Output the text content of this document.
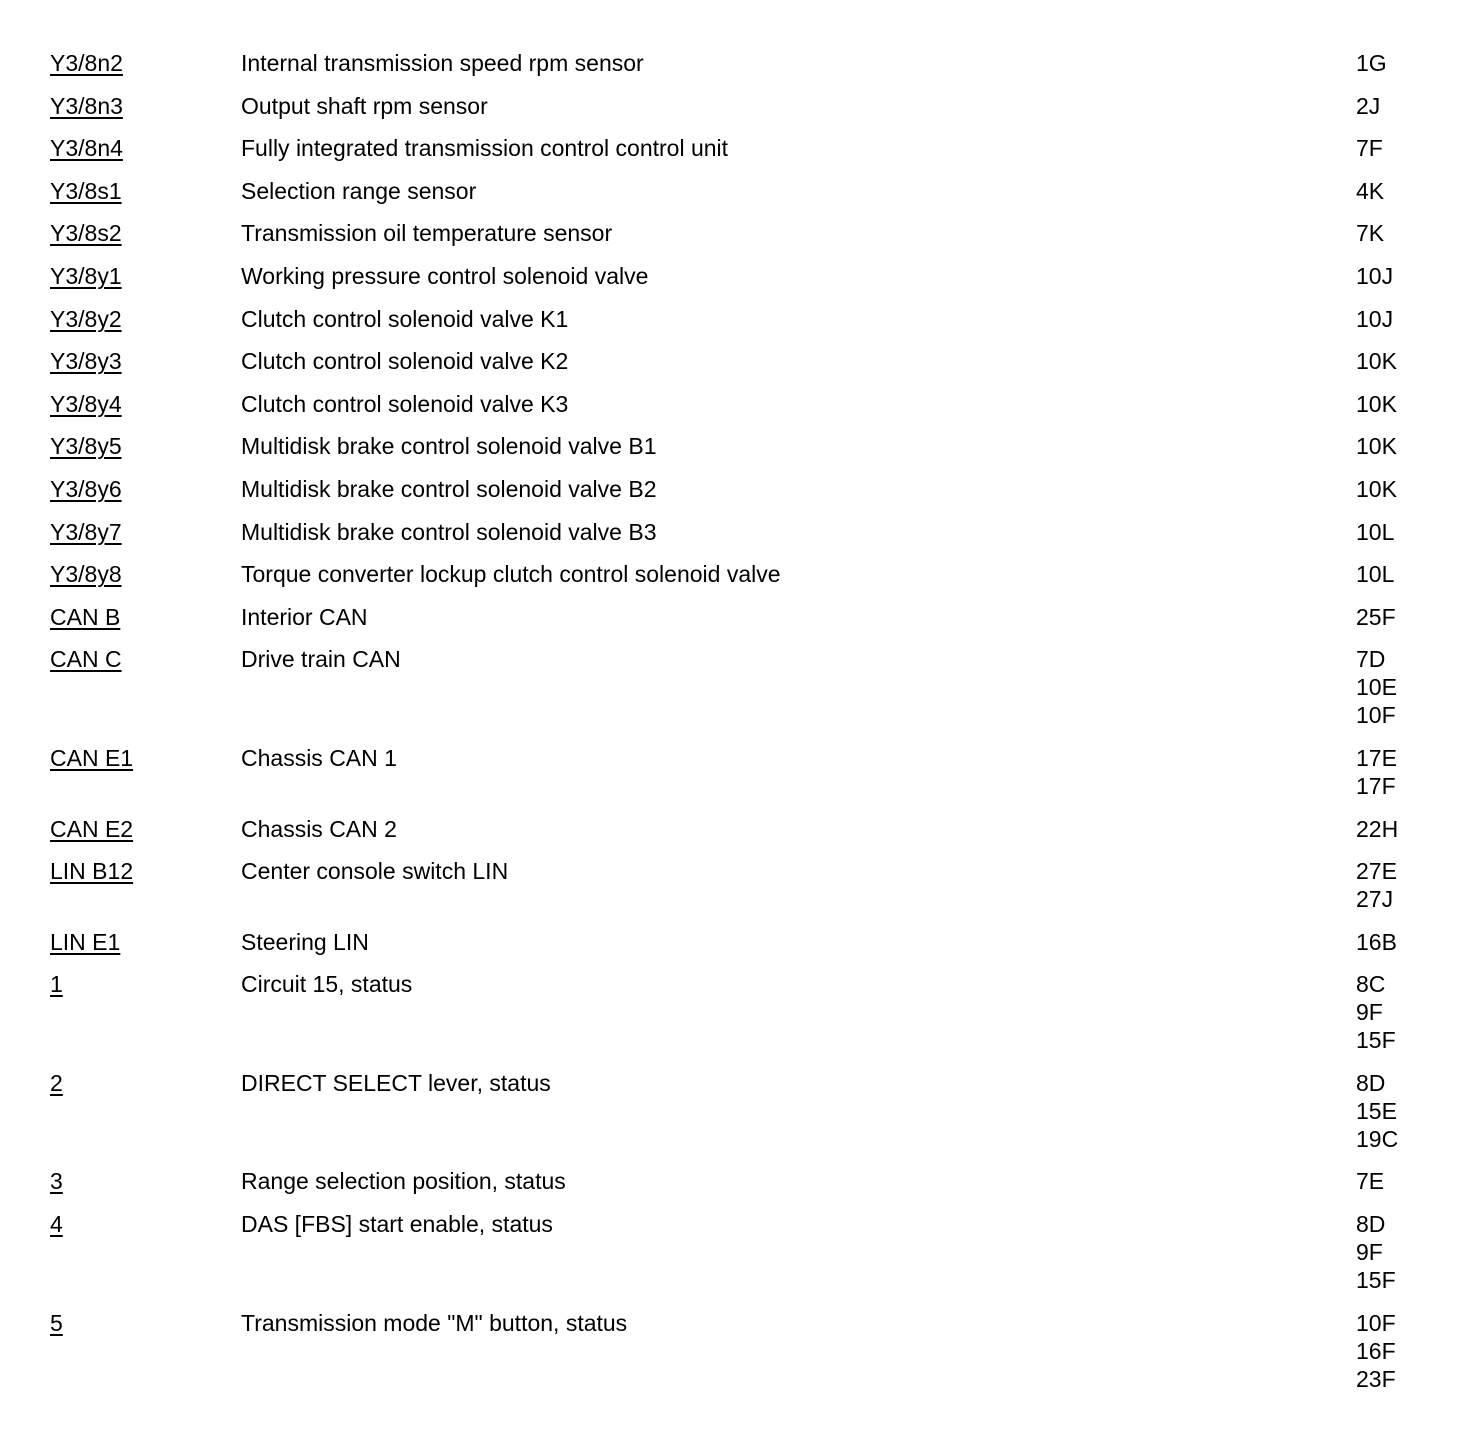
Y3/8n2	Internal transmission speed rpm sensor	1G
Y3/8n3	Output shaft rpm sensor	2J
Y3/8n4	Fully integrated transmission control control unit	7F
Y3/8s1	Selection range sensor	4K
Y3/8s2	Transmission oil temperature sensor	7K
Y3/8y1	Working pressure control solenoid valve	10J
Y3/8y2	Clutch control solenoid valve K1	10J
Y3/8y3	Clutch control solenoid valve K2	10K
Y3/8y4	Clutch control solenoid valve K3	10K
Y3/8y5	Multidisk brake control solenoid valve B1	10K
Y3/8y6	Multidisk brake control solenoid valve B2	10K
Y3/8y7	Multidisk brake control solenoid valve B3	10L
Y3/8y8	Torque converter lockup clutch control solenoid valve	10L
CAN B	Interior CAN	25F
CAN C	Drive train CAN	7D
10E
10F
CAN E1	Chassis CAN 1	17E
17F
CAN E2	Chassis CAN 2	22H
LIN B12	Center console switch LIN	27E
27J
LIN E1	Steering LIN	16B
1	Circuit 15, status	8C
9F
15F
2	DIRECT SELECT lever, status	8D
15E
19C
3	Range selection position, status	7E
4	DAS [FBS] start enable, status	8D
9F
15F
5	Transmission mode "M" button, status	10F
16F
23F
